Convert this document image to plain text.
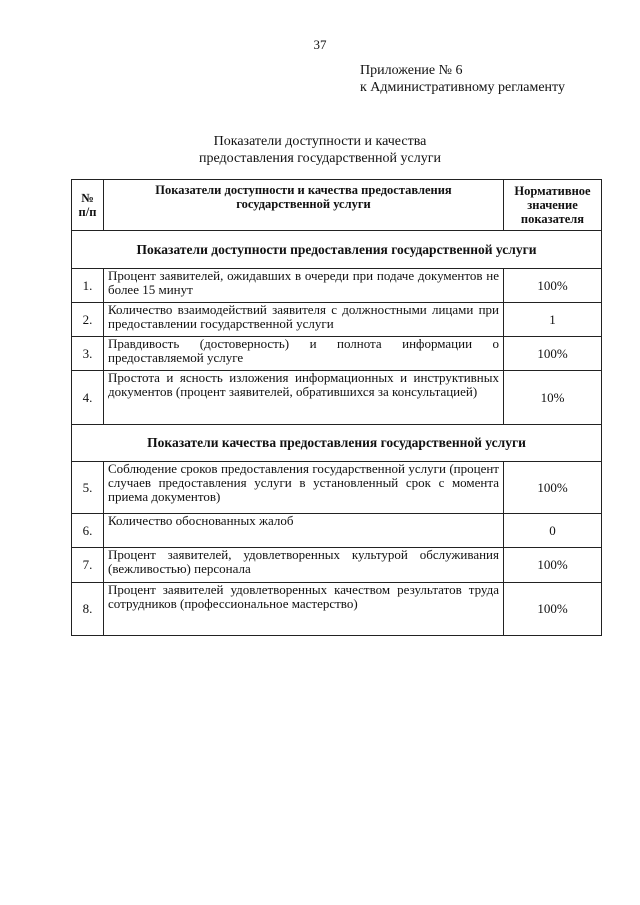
37
Приложение № 6
к Административному регламенту
Показатели доступности и качества
предоставления государственной услуги
№ п/п	Показатели доступности и качества предоставления государственной услуги	Нормативное значение показателя
Показатели доступности предоставления государственной услуги		
1.	Процент заявителей, ожидавших в очереди при подаче документов не более 15 минут	100%
2.	Количество взаимодействий заявителя с должностными лицами при предоставлении государственной услуги	1
3.	Правдивость (достоверность) и полнота информации о предоставляемой услуге	100%
4.	Простота и ясность изложения информационных и инструктивных документов (процент заявителей, обратившихся за консультацией)	10%
Показатели качества предоставления государственной услуги		
5.	Соблюдение сроков предоставления государственной услуги (процент случаев предоставления услуги в установленный срок с момента приема документов)	100%
6.	Количество обоснованных жалоб	0
7.	Процент заявителей, удовлетворенных культурой обслуживания (вежливостью) персонала	100%
8.	Процент заявителей удовлетворенных качеством результатов труда сотрудников (профессиональное мастерство)	100%
